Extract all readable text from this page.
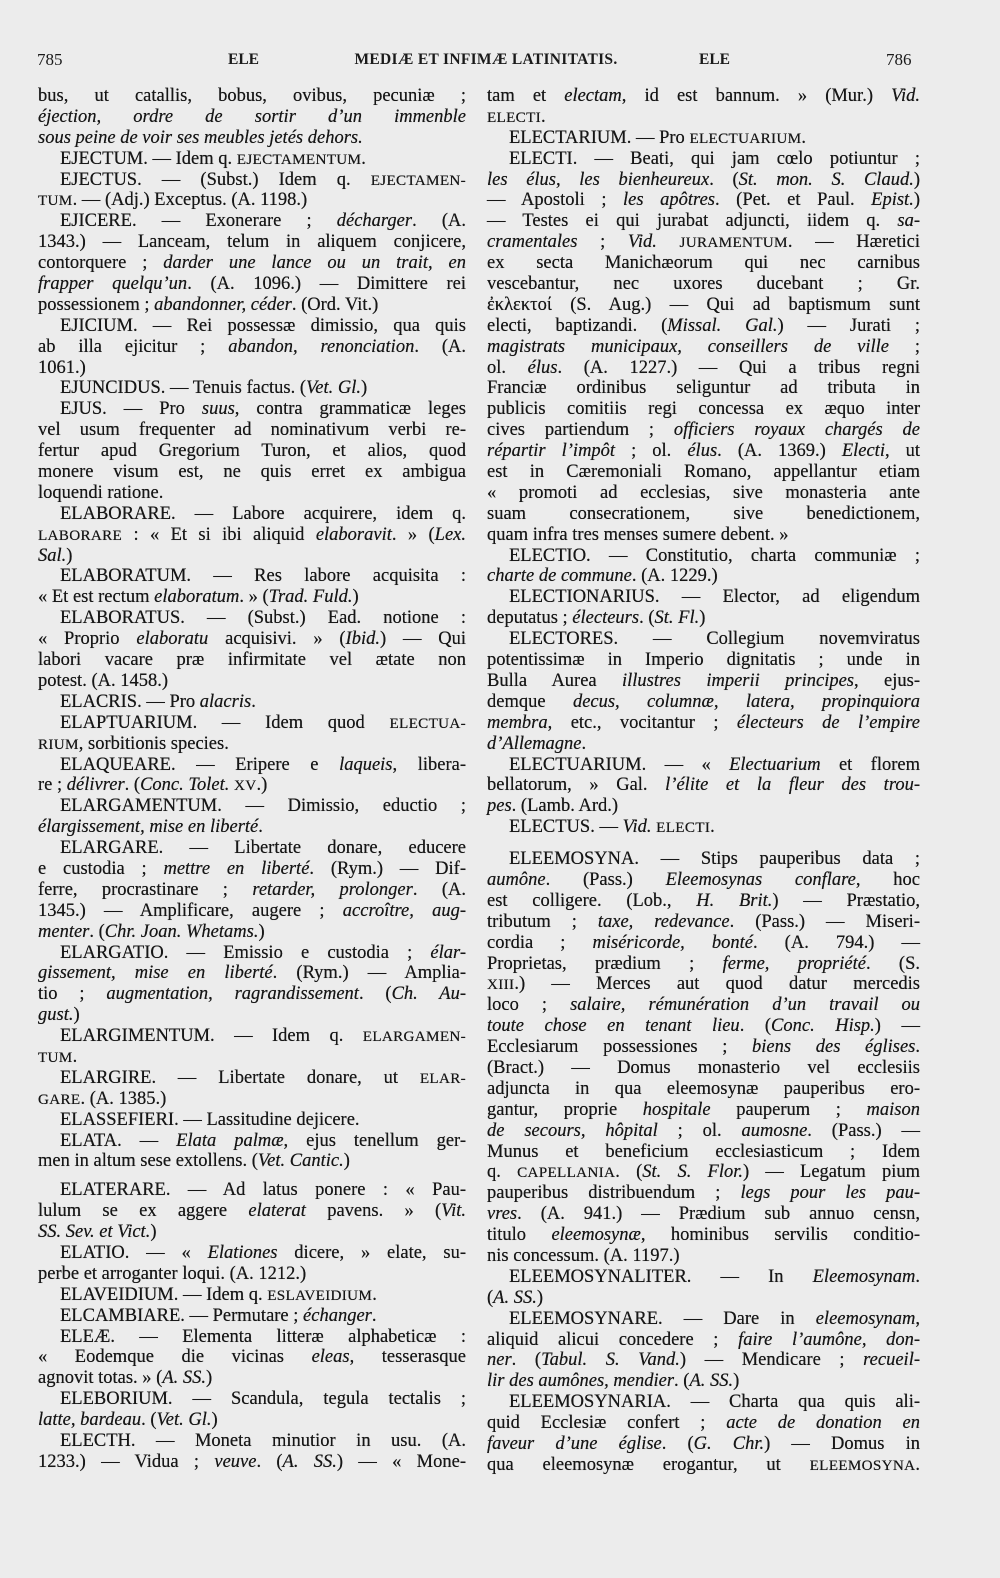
785	ELE	MEDIÆ ET INFIMÆ LATINITATIS.	ELE	786
bus, ut catallis, bobus, ovibus, pecuniæ ;
éjection, ordre de sortir d’un immenble
sous peine de voir ses meubles jetés dehors.
EJECTUM. — Idem q. EJECTAMENTUM.
EJECTUS. — (Subst.) Idem q. EJECTAMEN-
TUM. — (Adj.) Exceptus. (A. 1198.)
EJICERE. — Exonerare ; décharger. (A.
1343.) — Lanceam, telum in aliquem conjicere,
contorquere ; darder une lance ou un trait, en
frapper quelqu’un. (A. 1096.) — Dimittere rei
possessionem ; abandonner, céder. (Ord. Vit.)
EJICIUM. — Rei possessæ dimissio, qua quis
ab illa ejicitur ; abandon, renonciation. (A.
1061.)
EJUNCIDUS. — Tenuis factus. (Vet. Gl.)
EJUS. — Pro suus, contra grammaticæ leges
vel usum frequenter ad nominativum verbi re-
fertur apud Gregorium Turon, et alios, quod
monere visum est, ne quis erret ex ambigua
loquendi ratione.
ELABORARE. — Labore acquirere, idem q.
LABORARE : « Et si ibi aliquid elaboravit. » (Lex.
Sal.)
ELABORATUM. — Res labore acquisita :
« Et est rectum elaboratum. » (Trad. Fuld.)
ELABORATUS. — (Subst.) Ead. notione :
« Proprio elaboratu acquisivi. » (Ibid.) — Qui
labori vacare præ infirmitate vel ætate non
potest. (A. 1458.)
ELACRIS. — Pro alacris.
ELAPTUARIUM. — Idem quod ELECTUA-
RIUM, sorbitionis species.
ELAQUEARE. — Eripere e laqueis, libera-
re ; délivrer. (Conc. Tolet. XV.)
ELARGAMENTUM. — Dimissio, eductio ;
élargissement, mise en liberté.
ELARGARE. — Libertate donare, educere
e custodia ; mettre en liberté. (Rym.) — Dif-
ferre, procrastinare ; retarder, prolonger. (A.
1345.) — Amplificare, augere ; accroître, aug-
menter. (Chr. Joan. Whetams.)
ELARGATIO. — Emissio e custodia ; élar-
gissement, mise en liberté. (Rym.) — Amplia-
tio ; augmentation, ragrandissement. (Ch. Au-
gust.)
ELARGIMENTUM. — Idem q. ELARGAMEN-
TUM.
ELARGIRE. — Libertate donare, ut ELAR-
GARE. (A. 1385.)
ELASSEFIERI. — Lassitudine dejicere.
ELATA. — Elata palmæ, ejus tenellum ger-
men in altum sese extollens. (Vet. Cantic.)
ELATERARE. — Ad latus ponere : « Pau-
lulum se ex aggere elaterat pavens. » (Vit.
SS. Sev. et Vict.)
ELATIO. — « Elationes dicere, » elate, su-
perbe et arroganter loqui. (A. 1212.)
ELAVEIDIUM. — Idem q. ESLAVEIDIUM.
ELCAMBIARE. — Permutare ; échanger.
ELEÆ. — Elementa litteræ alphabeticæ :
« Eodemque die vicinas eleas, tesserasque
agnovit totas. » (A. SS.)
ELEBORIUM. — Scandula, tegula tectalis ;
latte, bardeau. (Vet. Gl.)
ELECTH. — Moneta minutior in usu. (A.
1233.) — Vidua ; veuve. (A. SS.) — « Mone-
tam et electam, id est bannum. » (Mur.) Vid.
ELECTI.
ELECTARIUM. — Pro ELECTUARIUM.
ELECTI. — Beati, qui jam cœlo potiuntur ;
les élus, les bienheureux. (St. mon. S. Claud.)
— Apostoli ; les apôtres. (Pet. et Paul. Epist.)
— Testes ei qui jurabat adjuncti, iidem q. sa-
cramentales ; Vid. JURAMENTUM. — Hæretici
ex secta Manichæorum qui nec carnibus
vescebantur, nec uxores ducebant ; Gr.
ἐκλεκτοί (S. Aug.) — Qui ad baptismum sunt
electi, baptizandi. (Missal. Gal.) — Jurati ;
magistrats municipaux, conseillers de ville ;
ol. élus. (A. 1227.) — Qui a tribus regni
Franciæ ordinibus seliguntur ad tributa in
publicis comitiis regi concessa ex æquo inter
cives partiendum ; officiers royaux chargés de
répartir l’impôt ; ol. élus. (A. 1369.) Electi, ut
est in Cæremoniali Romano, appellantur etiam
« promoti ad ecclesias, sive monasteria ante
suam consecrationem, sive benedictionem,
quam infra tres menses sumere debent. »
ELECTIO. — Constitutio, charta communiæ ;
charte de commune. (A. 1229.)
ELECTIONARIUS. — Elector, ad eligendum
deputatus ; électeurs. (St. Fl.)
ELECTORES. — Collegium novemviratus
potentissimæ in Imperio dignitatis ; unde in
Bulla Aurea illustres imperii principes, ejus-
demque decus, columnæ, latera, propinquiora
membra, etc., vocitantur ; électeurs de l’empire
d’Allemagne.
ELECTUARIUM. — « Electuarium et florem
bellatorum, » Gal. l’élite et la fleur des trou-
pes. (Lamb. Ard.)
ELECTUS. — Vid. ELECTI.
ELEEMOSYNA. — Stips pauperibus data ;
aumône. (Pass.) Eleemosynas conflare, hoc
est colligere. (Lob., H. Brit.) — Præstatio,
tributum ; taxe, redevance. (Pass.) — Miseri-
cordia ; miséricorde, bonté. (A. 794.) —
Proprietas, prædium ; ferme, propriété. (S.
XIII.) — Merces aut quod datur mercedis
loco ; salaire, rémunération d’un travail ou
toute chose en tenant lieu. (Conc. Hisp.) —
Ecclesiarum possessiones ; biens des églises.
(Bract.) — Domus monasterio vel ecclesiis
adjuncta in qua eleemosynæ pauperibus ero-
gantur, proprie hospitale pauperum ; maison
de secours, hôpital ; ol. aumosne. (Pass.) —
Munus et beneficium ecclesiasticum ; Idem
q. CAPELLANIA. (St. S. Flor.) — Legatum pium
pauperibus distribuendum ; legs pour les pau-
vres. (A. 941.) — Prædium sub annuo censn,
titulo eleemosynæ, hominibus servilis conditio-
nis concessum. (A. 1197.)
ELEEMOSYNALITER. — In Eleemosynam.
(A. SS.)
ELEEMOSYNARE. — Dare in eleemosynam,
aliquid alicui concedere ; faire l’aumône, don-
ner. (Tabul. S. Vand.) — Mendicare ; recueil-
lir des aumônes, mendier. (A. SS.)
ELEEMOSYNARIA. — Charta qua quis ali-
quid Ecclesiæ confert ; acte de donation en
faveur d’une église. (G. Chr.) — Domus in
qua eleemosynæ erogantur, ut ELEEMOSYNA.
